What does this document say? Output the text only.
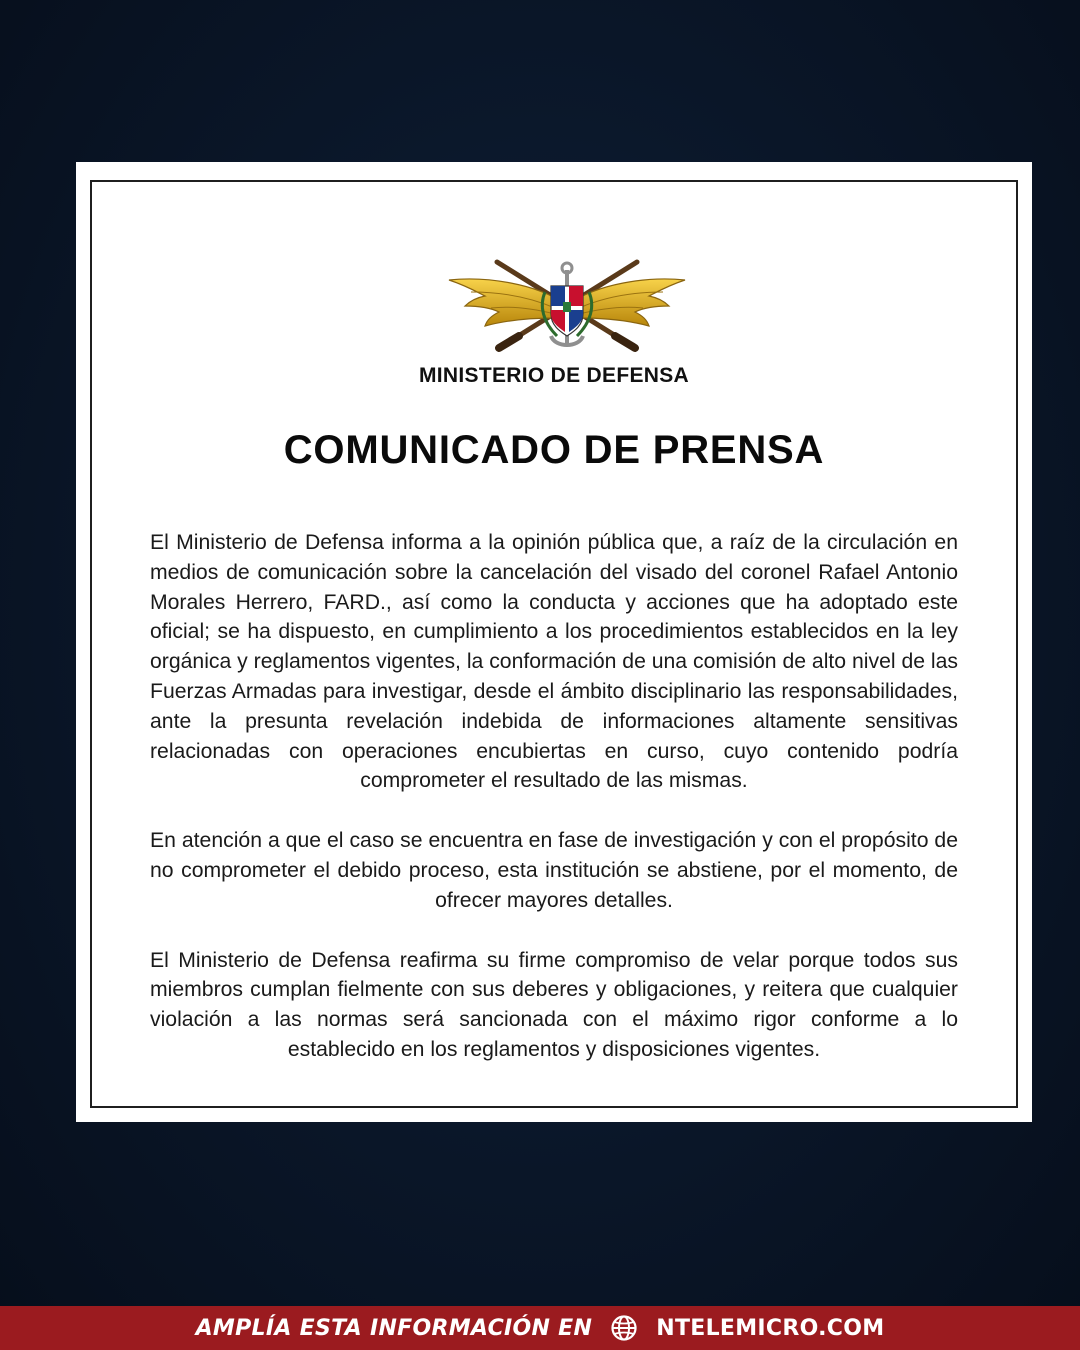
MINISTERIO DE DEFENSA
COMUNICADO DE PRENSA

El Ministerio de Defensa informa a la opinión pública que, a raíz de la circulación en medios de comunicación sobre la cancelación del visado del coronel Rafael Antonio Morales Herrero, FARD., así como la conducta y acciones que ha adoptado este oficial; se ha dispuesto, en cumplimiento a los procedimientos establecidos en la ley orgánica y reglamentos vigentes, la conformación de una comisión de alto nivel de las Fuerzas Armadas para investigar, desde el ámbito disciplinario las responsabilidades, ante la presunta revelación indebida de informaciones altamente sensitivas relacionadas con operaciones encubiertas en curso, cuyo contenido podría comprometer el resultado de las mismas.

En atención a que el caso se encuentra en fase de investigación y con el propósito de no comprometer el debido proceso, esta institución se abstiene, por el momento, de ofrecer mayores detalles.

El Ministerio de Defensa reafirma su firme compromiso de velar porque todos sus miembros cumplan fielmente con sus deberes y obligaciones, y reitera que cualquier violación a las normas será sancionada con el máximo rigor conforme a lo establecido en los reglamentos y disposiciones vigentes.

AMPLÍA ESTA INFORMACIÓN EN	NTELEMICRO.COM
